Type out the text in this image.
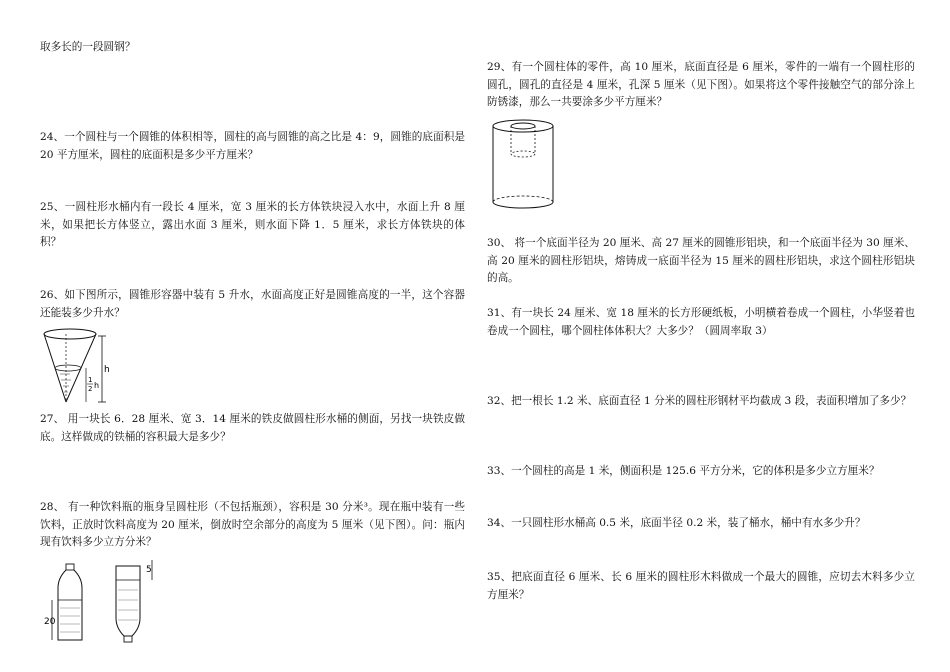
取多长的一段圆钢？

24、一个圆柱与一个圆锥的体积相等，圆柱的高与圆锥的高之比是 4：9，圆锥的底面积是 20 平方厘米，圆柱的底面积是多少平方厘米？

25、一圆柱形水桶内有一段长 4 厘米，宽 3 厘米的长方体铁块浸入水中，水面上升 8 厘米，如果把长方体竖立，露出水面 3 厘米，则水面下降 1．5 厘米，求长方体铁块的体积？

26、如下图所示，圆锥形容器中装有 5 升水，水面高度正好是圆锥高度的一半，这个容器还能装多少升水？

h
1
2 h

27、 用一块长 6．28 厘米、宽 3．14 厘米的铁皮做圆柱形水桶的侧面，另找一块铁皮做底。这样做成的铁桶的容积最大是多少？

28、 有一种饮料瓶的瓶身呈圆柱形（不包括瓶颈），容积是 30 分米³。现在瓶中装有一些饮料，正放时饮料高度为 20 厘米，倒放时空余部分的高度为 5 厘米（见下图）。问：瓶内现有饮料多少立方分米？

20
5

29、有一个圆柱体的零件，高 10 厘米，底面直径是 6 厘米，零件的一端有一个圆柱形的圆孔，圆孔的直径是 4 厘米，孔深 5 厘米（见下图）。如果将这个零件接触空气的部分涂上防锈漆，那么一共要涂多少平方厘米？

30、 将一个底面半径为 20 厘米、高 27 厘米的圆锥形铝块，和一个底面半径为 30 厘米、高 20 厘米的圆柱形铝块，熔铸成一底面半径为 15 厘米的圆柱形铝块，求这个圆柱形铝块的高。

31、有一块长 24 厘米、宽 18 厘米的长方形硬纸板，小明横着卷成一个圆柱，小华竖着也卷成一个圆柱，哪个圆柱体体积大？大多少？（圆周率取 3）

32、把一根长 1.2 米、底面直径 1 分米的圆柱形钢材平均截成 3 段，表面积增加了多少？

33、一个圆柱的高是 1 米，侧面积是 125.6 平方分米，它的体积是多少立方厘米？

34、一只圆柱形水桶高 0.5 米，底面半径 0.2 米，装了桶水，桶中有水多少升？

35、把底面直径 6 厘米、长 6 厘米的圆柱形木料做成一个最大的圆锥，应切去木料多少立方厘米？
